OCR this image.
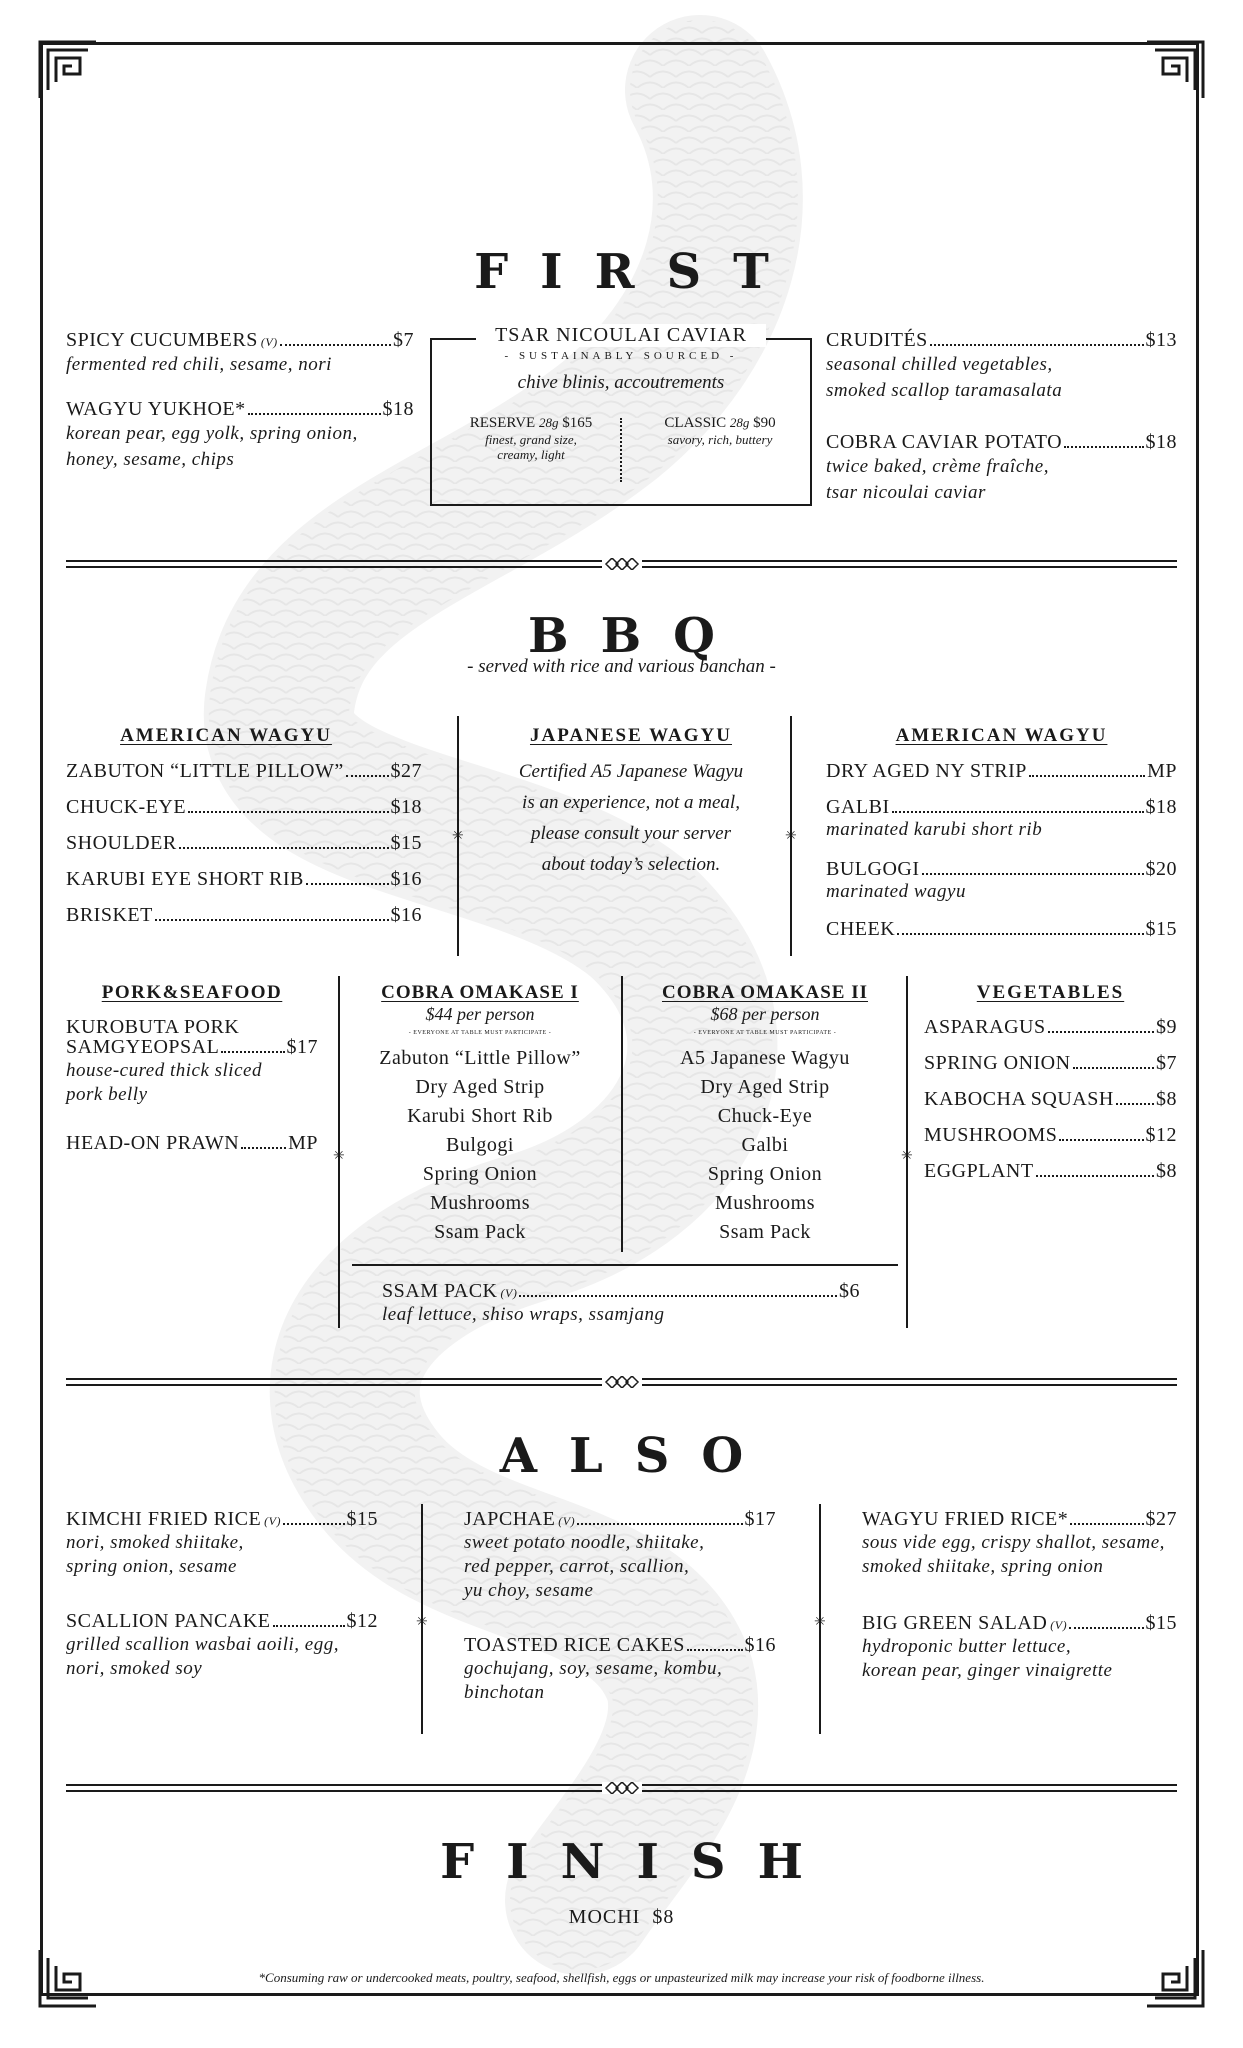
FIRST
SPICY CUCUMBERS (V)	$7
fermented red chili, sesame, nori
WAGYU YUKHOE*	$18
korean pear, egg yolk, spring onion,
honey, sesame, chips
TSAR NICOULAI CAVIAR
- SUSTAINABLY SOURCED -
chive blinis, accoutrements
RESERVE 28g $165
finest, grand size,
creamy, light
CLASSIC 28g $90
savory, rich, buttery
CRUDITÉS	$13
seasonal chilled vegetables,
smoked scallop taramasalata
COBRA CAVIAR POTATO	$18
twice baked, crème fraîche,
tsar nicoulai caviar
BBQ
- served with rice and various banchan -
AMERICAN WAGYU
ZABUTON “LITTLE PILLOW” $27
CHUCK-EYE	$18
SHOULDER	$15
KARUBI EYE SHORT RIB	$16
BRISKET	$16
✳
JAPANESE WAGYU
Certified A5 Japanese Wagyu
is an experience, not a meal,
please consult your server
about today’s selection.
✳
AMERICAN WAGYU
DRY AGED NY STRIP	MP
GALBI	$18
marinated karubi short rib
BULGOGI	$20
marinated wagyu
CHEEK	$15
PORK&SEAFOOD
KUROBUTA PORK
SAMGYEOPSAL	$17
house-cured thick sliced
pork belly
HEAD-ON PRAWN MP
✳
COBRA OMAKASE I
$44 per person
- EVERYONE AT TABLE MUST PARTICIPATE -
Zabuton “Little Pillow”
Dry Aged Strip
Karubi Short Rib
Bulgogi
Spring Onion
Mushrooms
Ssam Pack
COBRA OMAKASE II
$68 per person
- EVERYONE AT TABLE MUST PARTICIPATE -
A5 Japanese Wagyu
Dry Aged Strip
Chuck-Eye
Galbi
Spring Onion
Mushrooms
Ssam Pack
SSAM PACK (V)	$6
leaf lettuce, shiso wraps, ssamjang
✳
VEGETABLES
ASPARAGUS	$9
SPRING ONION	$7
KABOCHA SQUASH $8
MUSHROOMS	$12
EGGPLANT	$8
ALSO
KIMCHI FRIED RICE (V)	$15
nori, smoked shiitake,
spring onion, sesame
SCALLION PANCAKE	$12
grilled scallion wasbai aoili, egg,
nori, smoked soy
✳
JAPCHAE (V)	$17
sweet potato noodle, shiitake,
red pepper, carrot, scallion,
yu choy, sesame
TOASTED RICE CAKES	$16
gochujang, soy, sesame, kombu,
binchotan
✳
WAGYU FRIED RICE*	$27
sous vide egg, crispy shallot, sesame,
smoked shiitake, spring onion
BIG GREEN SALAD (V)	$15
hydroponic butter lettuce,
korean pear, ginger vinaigrette
FINISH
MOCHI  $8
*Consuming raw or undercooked meats, poultry, seafood, shellfish, eggs or unpasteurized milk may increase your risk of foodborne illness.
